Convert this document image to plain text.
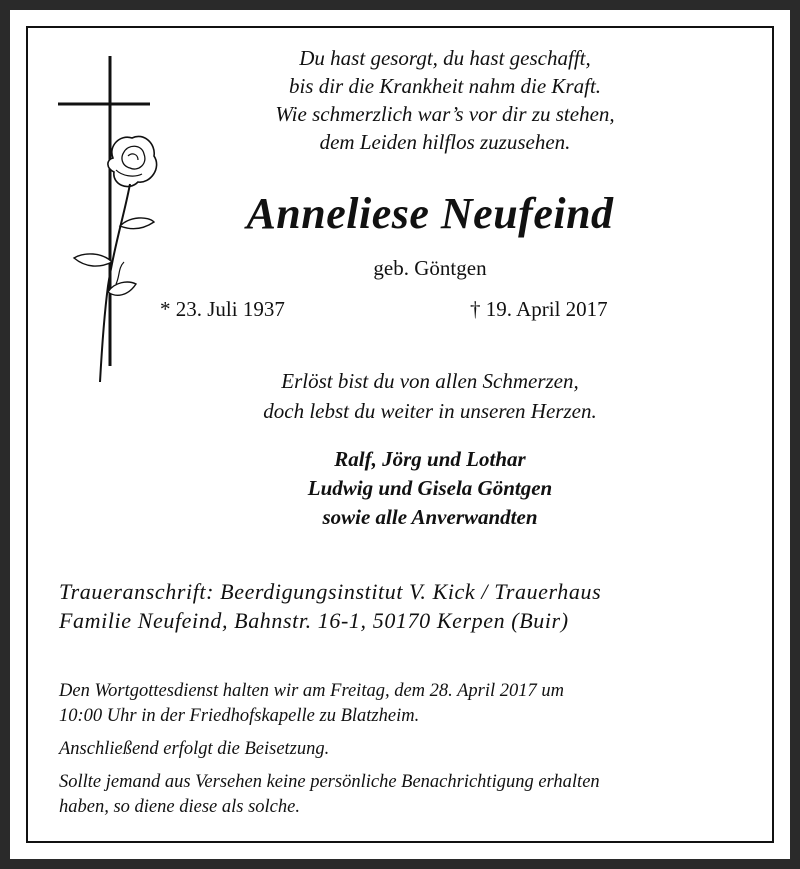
Du hast gesorgt, du hast geschafft,
bis dir die Krankheit nahm die Kraft.
Wie schmerzlich war’s vor dir zu stehen,
dem Leiden hilflos zuzusehen.
Anneliese Neufeind
geb. Göntgen
* 23. Juli 1937	† 19. April 2017
Erlöst bist du von allen Schmerzen,
doch lebst du weiter in unseren Herzen.
Ralf, Jörg und Lothar
Ludwig und Gisela Göntgen
sowie alle Anverwandten
Traueranschrift: Beerdigungsinstitut V. Kick / Trauerhaus
Familie Neufeind, Bahnstr. 16-1, 50170 Kerpen (Buir)

Den Wortgottesdienst halten wir am Freitag, dem 28. April 2017 um
10:00 Uhr in der Friedhofskapelle zu Blatzheim.

Anschließend erfolgt die Beisetzung.

Sollte jemand aus Versehen keine persönliche Benachrichtigung erhalten
haben, so diene diese als solche.
